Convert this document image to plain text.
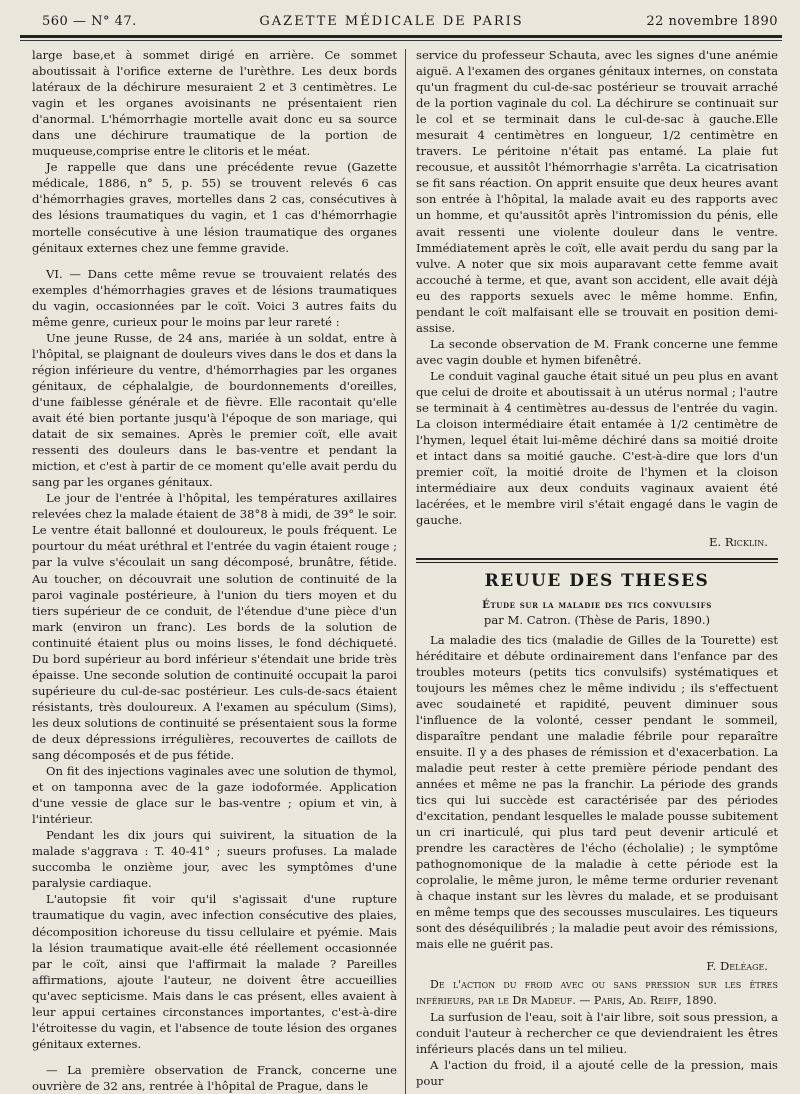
560 — N° 47.	GAZETTE MÉDICALE DE PARIS	22 novembre 1890

large base,et à sommet dirigé en arrière. Ce sommet aboutissait à l'orifice externe de l'urèthre. Les deux bords latéraux de la déchirure mesuraient 2 et 3 centimètres. Le vagin et les organes avoisinants ne présentaient rien d'anormal. L'hémorrhagie mortelle avait donc eu sa source dans une déchirure traumatique de la portion de muqueuse,comprise entre le clitoris et le méat.

Je rappelle que dans une précédente revue (Gazette médicale, 1886, n° 5, p. 55) se trouvent relevés 6 cas d'hémorrhagies graves, mortelles dans 2 cas, consécutives à des lésions traumatiques du vagin, et 1 cas d'hémorrhagie mortelle consécutive à une lésion traumatique des organes génitaux externes chez une femme gravide.

VI. — Dans cette même revue se trouvaient relatés des exemples d'hémorrhagies graves et de lésions traumatiques du vagin, occasionnées par le coït. Voici 3 autres faits du même genre, curieux pour le moins par leur rareté :

Une jeune Russe, de 24 ans, mariée à un soldat, entre à l'hôpital, se plaignant de douleurs vives dans le dos et dans la région inférieure du ventre, d'hémorrhagies par les organes génitaux, de céphalalgie, de bourdonnements d'oreilles, d'une faiblesse générale et de fièvre. Elle racontait qu'elle avait été bien portante jusqu'à l'époque de son mariage, qui datait de six semaines. Après le premier coït, elle avait ressenti des douleurs dans le bas-ventre et pendant la miction, et c'est à partir de ce moment qu'elle avait perdu du sang par les organes génitaux.

Le jour de l'entrée à l'hôpital, les températures axillaires relevées chez la malade étaient de 38°8 à midi, de 39° le soir. Le ventre était ballonné et douloureux, le pouls fréquent. Le pourtour du méat uréthral et l'entrée du vagin étaient rouge ; par la vulve s'écoulait un sang décomposé, brunâtre, fétide. Au toucher, on découvrait une solution de continuité de la paroi vaginale postérieure, à l'union du tiers moyen et du tiers supérieur de ce conduit, de l'étendue d'une pièce d'un mark (environ un franc). Les bords de la solution de continuité étaient plus ou moins lisses, le fond déchiqueté. Du bord supérieur au bord inférieur s'étendait une bride très épaisse. Une seconde solution de continuité occupait la paroi supérieure du cul-de-sac postérieur. Les culs-de-sacs étaient résistants, très douloureux. A l'examen au spéculum (Sims), les deux solutions de continuité se présentaient sous la forme de deux dépressions irrégulières, recouvertes de caillots de sang décomposés et de pus fétide.

On fit des injections vaginales avec une solution de thymol, et on tamponna avec de la gaze iodoformée. Application d'une vessie de glace sur le bas-ventre ; opium et vin, à l'intérieur.

Pendant les dix jours qui suivirent, la situation de la malade s'aggrava : T. 40-41° ; sueurs profuses. La malade succomba le onzième jour, avec les symptômes d'une paralysie cardiaque.

L'autopsie fit voir qu'il s'agissait d'une rupture traumatique du vagin, avec infection consécutive des plaies, décomposition ichoreuse du tissu cellulaire et pyémie. Mais la lésion traumatique avait-elle été réellement occasionnée par le coït, ainsi que l'affirmait la malade ? Pareilles affirmations, ajoute l'auteur, ne doivent être accueillies qu'avec septicisme. Mais dans le cas présent, elles avaient à leur appui certaines circonstances importantes, c'est-à-dire l'étroitesse du vagin, et l'absence de toute lésion des organes génitaux externes.

— La première observation de Franck, concerne une ouvrière de 32 ans, rentrée à l'hôpital de Prague, dans le

service du professeur Schauta, avec les signes d'une anémie aiguë. A l'examen des organes génitaux internes, on constata qu'un fragment du cul-de-sac postérieur se trouvait arraché de la portion vaginale du col. La déchirure se continuait sur le col et se terminait dans le cul-de-sac à gauche.Elle mesurait 4 centimètres en longueur, 1/2 centimètre en travers. Le péritoine n'était pas entamé. La plaie fut recousue, et aussitôt l'hémorrhagie s'arrêta. La cicatrisation se fit sans réaction. On apprit ensuite que deux heures avant son entrée à l'hôpital, la malade avait eu des rapports avec un homme, et qu'aussitôt après l'intromission du pénis, elle avait ressenti une violente douleur dans le ventre. Immédiatement après le coït, elle avait perdu du sang par la vulve. A noter que six mois auparavant cette femme avait accouché à terme, et que, avant son accident, elle avait déjà eu des rapports sexuels avec le même homme. Enfin, pendant le coït malfaisant elle se trouvait en position demi-assise.

La seconde observation de M. Frank concerne une femme avec vagin double et hymen bifenêtré.

Le conduit vaginal gauche était situé un peu plus en avant que celui de droite et aboutissait à un utérus normal ; l'autre se terminait à 4 centimètres au-dessus de l'entrée du vagin. La cloison intermédiaire était entamée à 1/2 centimètre de l'hymen, lequel était lui-même déchiré dans sa moitié droite et intact dans sa moitié gauche. C'est-à-dire que lors d'un premier coït, la moitié droite de l'hymen et la cloison intermédiaire aux deux conduits vaginaux avaient été lacérées, et le membre viril s'était engagé dans le vagin de gauche.

E. Ricklin.
REUUE DES THESES
Étude sur la maladie des tics convulsifs
par M. Catron. (Thèse de Paris, 1890.)

La maladie des tics (maladie de Gilles de la Tourette) est héréditaire et débute ordinairement dans l'enfance par des troubles moteurs (petits tics convulsifs) systématiques et toujours les mêmes chez le même individu ; ils s'effectuent avec soudaineté et rapidité, peuvent diminuer sous l'influence de la volonté, cesser pendant le sommeil, disparaître pendant une maladie fébrile pour reparaître ensuite. Il y a des phases de rémission et d'exacerbation. La maladie peut rester à cette première période pendant des années et même ne pas la franchir. La période des grands tics qui lui succède est caractérisée par des périodes d'excitation, pendant lesquelles le malade pousse subitement un cri inarticulé, qui plus tard peut devenir articulé et prendre les caractères de l'écho (écholalie) ; le symptôme pathognomonique de la maladie à cette période est la coprolalie, le même juron, le même terme ordurier revenant à chaque instant sur les lèvres du malade, et se produisant en même temps que des secousses musculaires. Les tiqueurs sont des déséquilibrés ; la maladie peut avoir des rémissions, mais elle ne guérit pas.

F. Deléage.

De l'action du froid avec ou sans pression sur les êtres inférieurs, par le Dr Madeuf. — Paris, Ad. Reiff, 1890.

La surfusion de l'eau, soit à l'air libre, soit sous pression, a conduit l'auteur à rechercher ce que deviendraient les êtres inférieurs placés dans un tel milieu.

A l'action du froid, il a ajouté celle de la pression, mais pour
